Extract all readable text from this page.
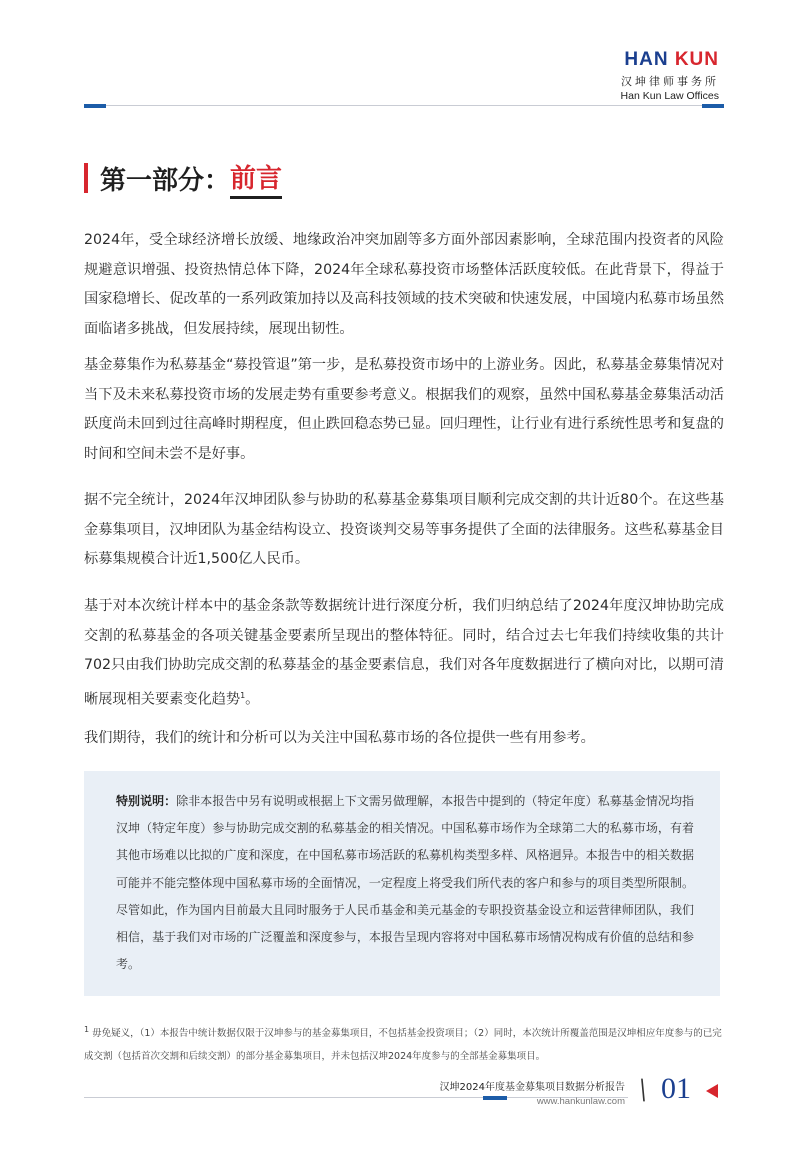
HAN KUN
汉坤律师事务所
Han Kun Law Offices
第一部分： 前言
2024年，受全球经济增长放缓、地缘政治冲突加剧等多方面外部因素影响，全球范围内投资者的风险规避意识增强、投资热情总体下降，2024年全球私募投资市场整体活跃度较低。在此背景下，得益于国家稳增长、促改革的一系列政策加持以及高科技领域的技术突破和快速发展，中国境内私募市场虽然面临诸多挑战，但发展持续，展现出韧性。
基金募集作为私募基金“募投管退”第一步，是私募投资市场中的上游业务。因此，私募基金募集情况对当下及未来私募投资市场的发展走势有重要参考意义。根据我们的观察，虽然中国私募基金募集活动活跃度尚未回到过往高峰时期程度，但止跌回稳态势已显。回归理性，让行业有进行系统性思考和复盘的时间和空间未尝不是好事。
据不完全统计，2024年汉坤团队参与协助的私募基金募集项目顺利完成交割的共计近80个。在这些基金募集项目，汉坤团队为基金结构设立、投资谈判交易等事务提供了全面的法律服务。这些私募基金目标募集规模合计近1,500亿人民币。
基于对本次统计样本中的基金条款等数据统计进行深度分析，我们归纳总结了2024年度汉坤协助完成交割的私募基金的各项关键基金要素所呈现出的整体特征。同时，结合过去七年我们持续收集的共计702只由我们协助完成交割的私募基金的基金要素信息，我们对各年度数据进行了横向对比，以期可清晰展现相关要素变化趋势$^1$。
我们期待，我们的统计和分析可以为关注中国私募市场的各位提供一些有用参考。
特别说明：除非本报告中另有说明或根据上下文需另做理解，本报告中提到的（特定年度）私募基金情况均指汉坤（特定年度）参与协助完成交割的私募基金的相关情况。中国私募市场作为全球第二大的私募市场，有着其他市场难以比拟的广度和深度，在中国私募市场活跃的私募机构类型多样、风格迥异。本报告中的相关数据可能并不能完整体现中国私募市场的全面情况，一定程度上将受我们所代表的客户和参与的项目类型所限制。尽管如此，作为国内目前最大且同时服务于人民币基金和美元基金的专职投资基金设立和运营律师团队，我们相信，基于我们对市场的广泛覆盖和深度参与，本报告呈现内容将对中国私募市场情况构成有价值的总结和参考。
$^1$ 毋免疑义，（1）本报告中统计数据仅限于汉坤参与的基金募集项目，不包括基金投资项目；（2）同时，本次统计所覆盖范围是汉坤相应年度参与的已完成交割（包括首次交割和后续交割）的部分基金募集项目，并未包括汉坤2024年度参与的全部基金募集项目。
汉坤2024年度基金募集项目数据分析报告
www.hankunlaw.com \ 01
